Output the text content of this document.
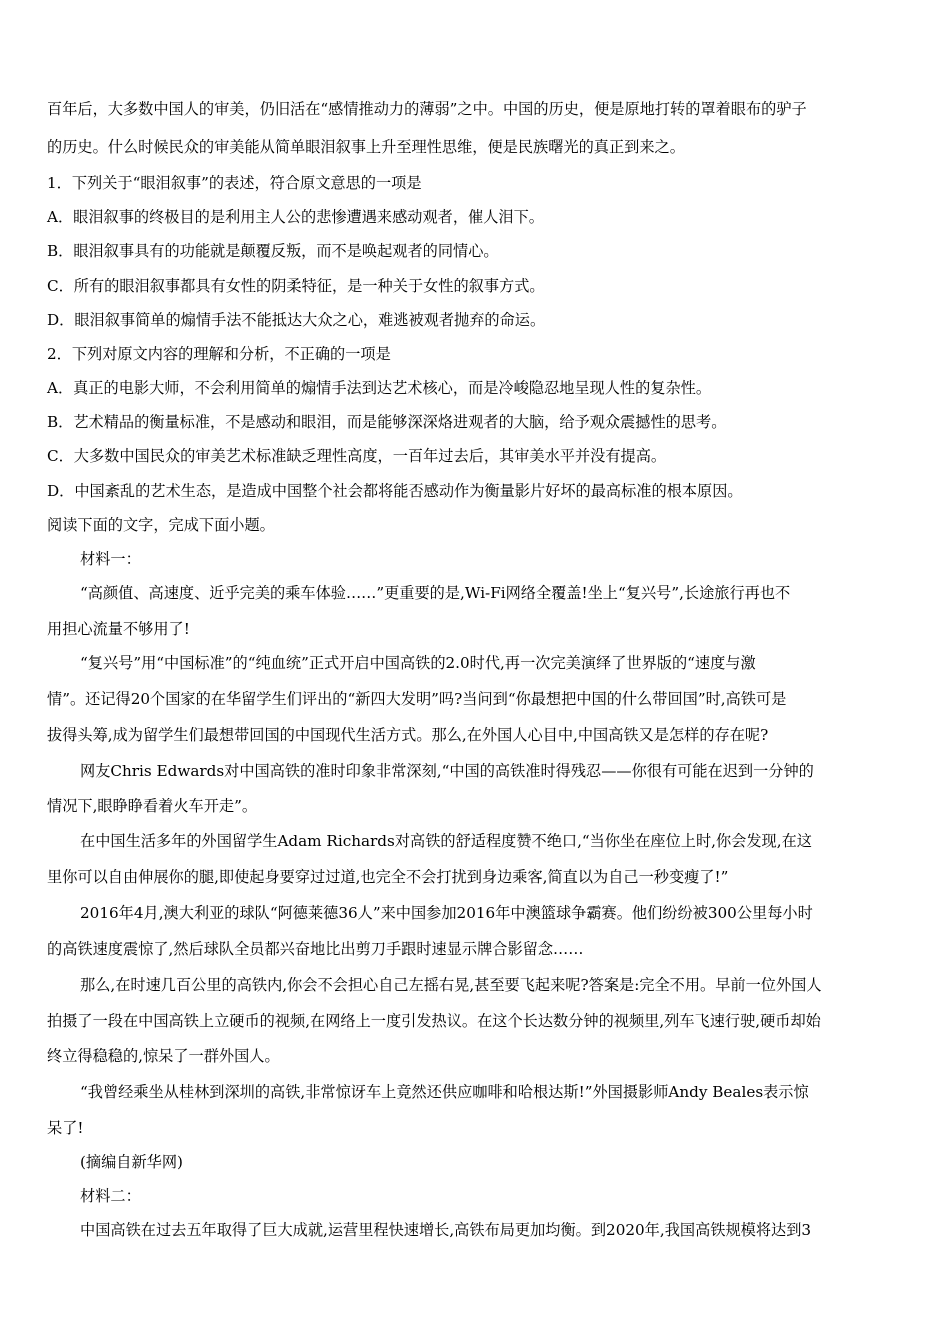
百年后，大多数中国人的审美，仍旧活在“感情推动力的薄弱”之中。中国的历史，便是原地打转的罩着眼布的驴子
的历史。什么时候民众的审美能从简单眼泪叙事上升至理性思维，便是民族曙光的真正到来之。
1．下列关于“眼泪叙事”的表述，符合原文意思的一项是
A．眼泪叙事的终极目的是利用主人公的悲惨遭遇来感动观者，催人泪下。
B．眼泪叙事具有的功能就是颠覆反叛，而不是唤起观者的同情心。
C．所有的眼泪叙事都具有女性的阴柔特征，是一种关于女性的叙事方式。
D．眼泪叙事简单的煽情手法不能抵达大众之心，难逃被观者抛弃的命运。
2．下列对原文内容的理解和分析，不正确的一项是
A．真正的电影大师，不会利用简单的煽情手法到达艺术核心，而是冷峻隐忍地呈现人性的复杂性。
B．艺术精品的衡量标准，不是感动和眼泪，而是能够深深烙进观者的大脑，给予观众震撼性的思考。
C．大多数中国民众的审美艺术标准缺乏理性高度，一百年过去后，其审美水平并没有提高。
D．中国紊乱的艺术生态，是造成中国整个社会都将能否感动作为衡量影片好坏的最高标准的根本原因。
阅读下面的文字，完成下面小题。
材料一：
“高颜值、高速度、近乎完美的乘车体验……”更重要的是,Wi-Fi网络全覆盖!坐上“复兴号”,长途旅行再也不
用担心流量不够用了!
“复兴号”用“中国标准”的“纯血统”正式开启中国高铁的2.0时代,再一次完美演绎了世界版的“速度与激
情”。还记得20个国家的在华留学生们评出的“新四大发明”吗?当问到“你最想把中国的什么带回国”时,高铁可是
拔得头筹,成为留学生们最想带回国的中国现代生活方式。那么,在外国人心目中,中国高铁又是怎样的存在呢?
网友Chris Edwards对中国高铁的准时印象非常深刻,“中国的高铁准时得残忍——你很有可能在迟到一分钟的
情况下,眼睁睁看着火车开走”。
在中国生活多年的外国留学生Adam Richards对高铁的舒适程度赞不绝口,“当你坐在座位上时,你会发现,在这
里你可以自由伸展你的腿,即使起身要穿过过道,也完全不会打扰到身边乘客,简直以为自己一秒变瘦了!”
2016年4月,澳大利亚的球队“阿德莱德36人”来中国参加2016年中澳篮球争霸赛。他们纷纷被300公里每小时
的高铁速度震惊了,然后球队全员都兴奋地比出剪刀手跟时速显示牌合影留念……
那么,在时速几百公里的高铁内,你会不会担心自己左摇右晃,甚至要飞起来呢?答案是:完全不用。早前一位外国人
拍摄了一段在中国高铁上立硬币的视频,在网络上一度引发热议。在这个长达数分钟的视频里,列车飞速行驶,硬币却始
终立得稳稳的,惊呆了一群外国人。
“我曾经乘坐从桂林到深圳的高铁,非常惊讶车上竟然还供应咖啡和哈根达斯!”外国摄影师Andy Beales表示惊
呆了!
(摘编自新华网)
材料二：
中国高铁在过去五年取得了巨大成就,运营里程快速增长,高铁布局更加均衡。到2020年,我国高铁规模将达到3
